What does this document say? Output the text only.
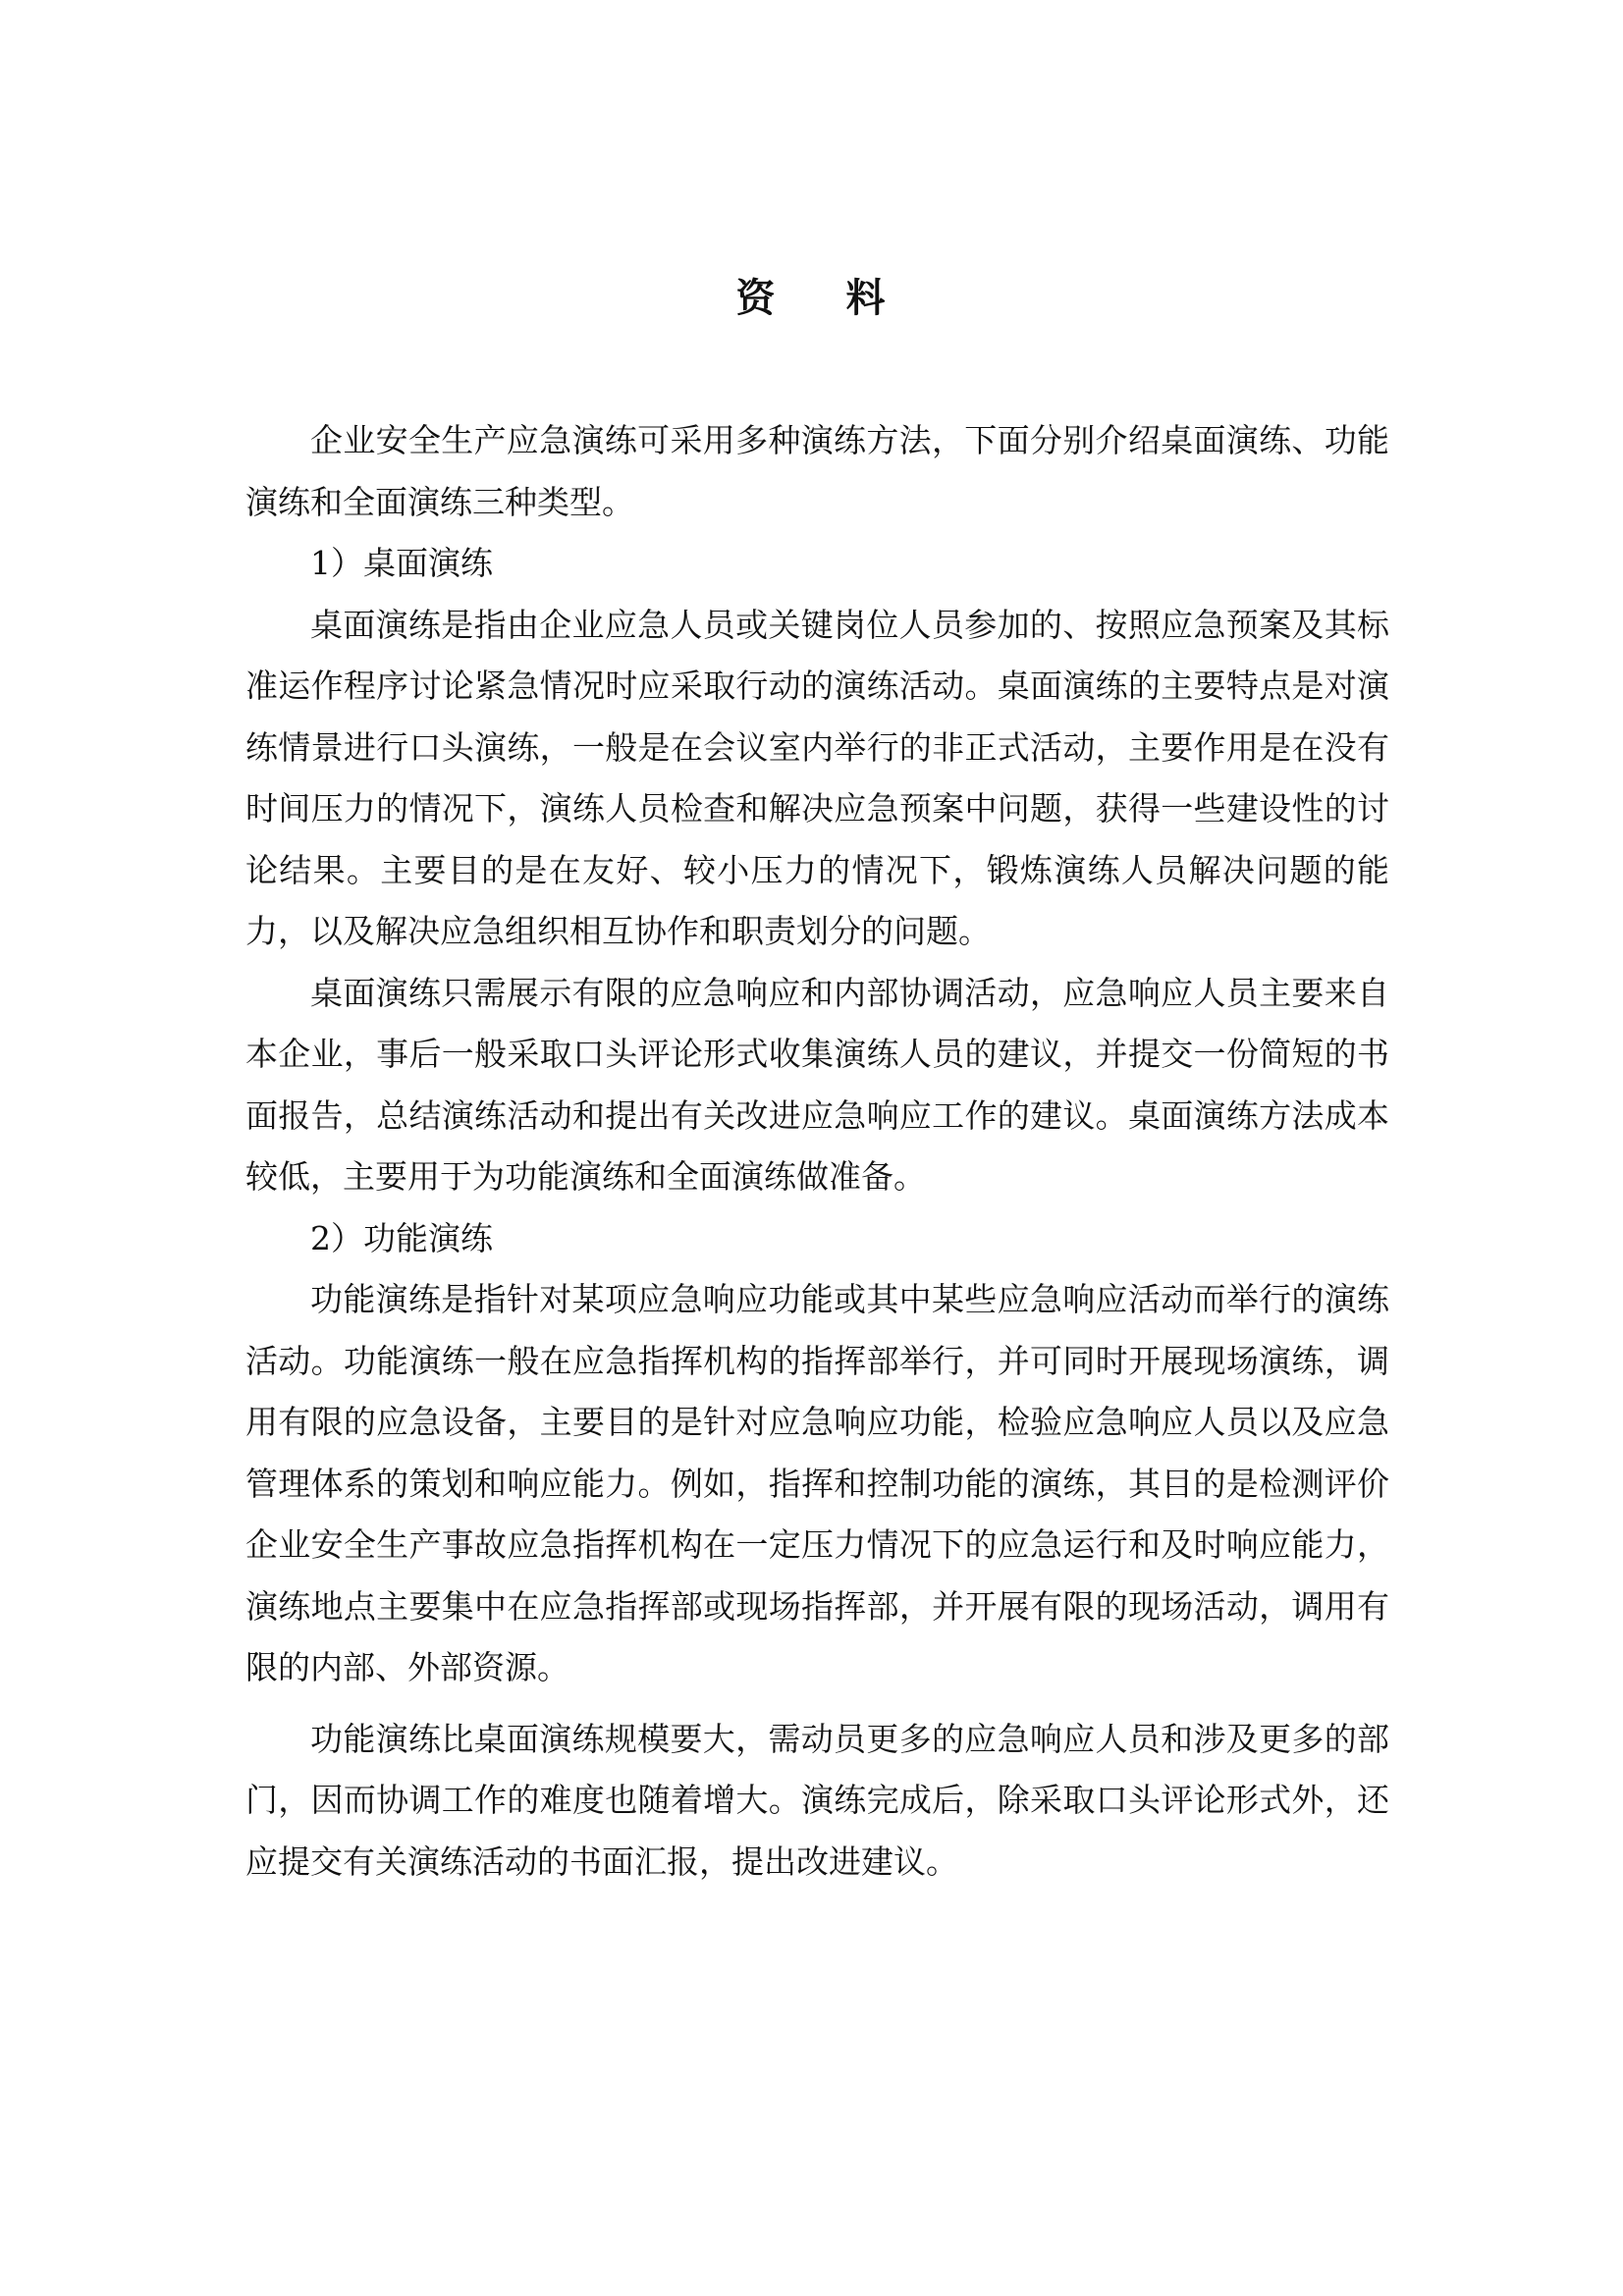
资 料

企业安全生产应急演练可采用多种演练方法，下面分别介绍桌面演练、功能演练和全面演练三种类型。

1）桌面演练

桌面演练是指由企业应急人员或关键岗位人员参加的、按照应急预案及其标准运作程序讨论紧急情况时应采取行动的演练活动。桌面演练的主要特点是对演练情景进行口头演练，一般是在会议室内举行的非正式活动，主要作用是在没有时间压力的情况下，演练人员检查和解决应急预案中问题，获得一些建设性的讨论结果。主要目的是在友好、较小压力的情况下，锻炼演练人员解决问题的能力，以及解决应急组织相互协作和职责划分的问题。

桌面演练只需展示有限的应急响应和内部协调活动，应急响应人员主要来自本企业，事后一般采取口头评论形式收集演练人员的建议，并提交一份简短的书面报告，总结演练活动和提出有关改进应急响应工作的建议。桌面演练方法成本较低，主要用于为功能演练和全面演练做准备。

2）功能演练

功能演练是指针对某项应急响应功能或其中某些应急响应活动而举行的演练活动。功能演练一般在应急指挥机构的指挥部举行，并可同时开展现场演练，调用有限的应急设备，主要目的是针对应急响应功能，检验应急响应人员以及应急管理体系的策划和响应能力。例如，指挥和控制功能的演练，其目的是检测评价企业安全生产事故应急指挥机构在一定压力情况下的应急运行和及时响应能力，演练地点主要集中在应急指挥部或现场指挥部，并开展有限的现场活动，调用有限的内部、外部资源。

功能演练比桌面演练规模要大，需动员更多的应急响应人员和涉及更多的部门，因而协调工作的难度也随着增大。演练完成后，除采取口头评论形式外，还应提交有关演练活动的书面汇报，提出改进建议。
